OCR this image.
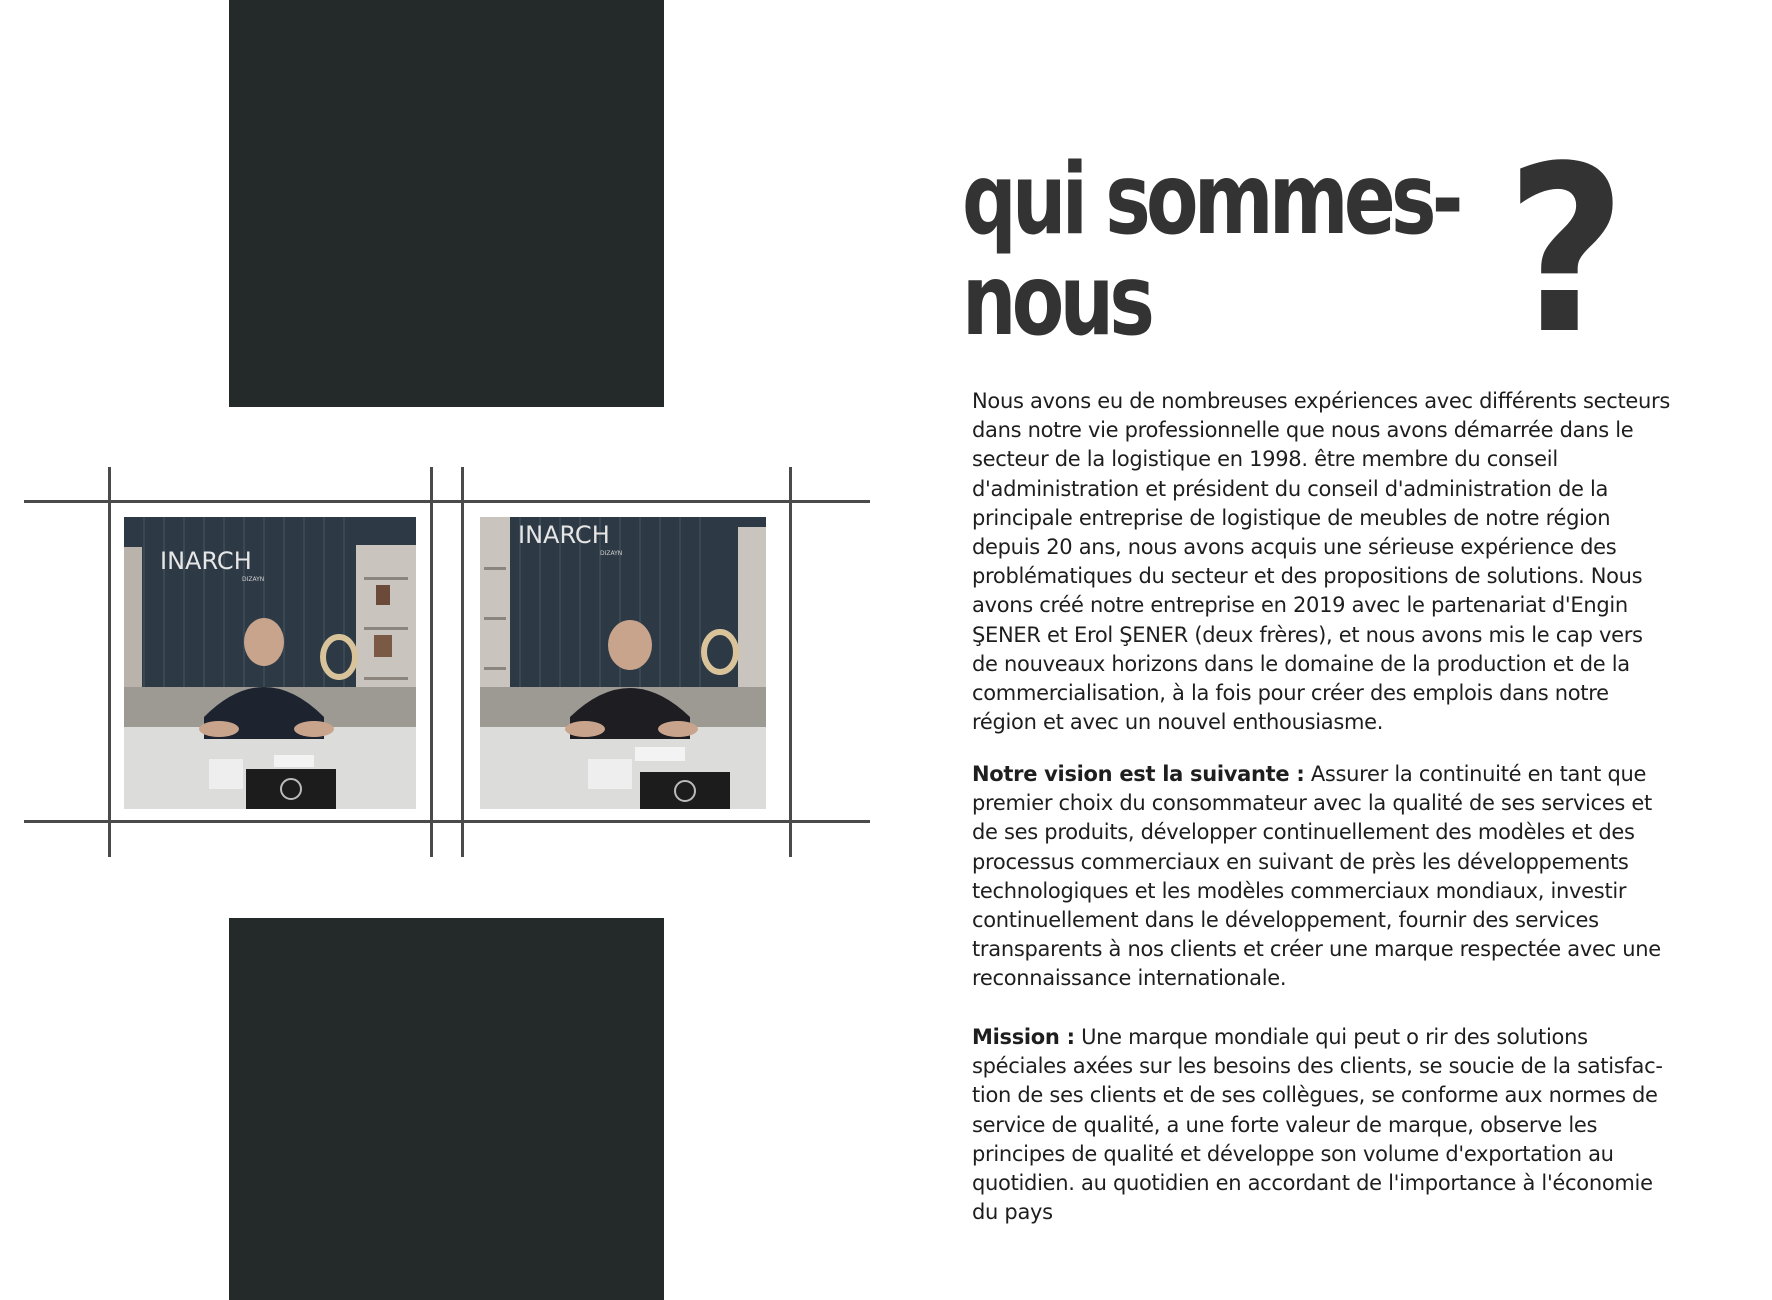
INARCH
DIZAYN
INARCH
DIZAYN
qui sommes-
nous	?

Nous avons eu de nombreuses expériences avec différents secteurs dans notre vie professionnelle que nous avons démarrée dans le secteur de la logistique en 1998. être membre du conseil d'administration et président du conseil d'administration de la principale entreprise de logistique de meubles de notre région depuis 20 ans, nous avons acquis une sérieuse expérience des problématiques du secteur et des propositions de solutions. Nous avons créé notre entreprise en 2019 avec le partenariat d'Engin ŞENER et Erol ŞENER (deux frères), et nous avons mis le cap vers de nouveaux horizons dans le domaine de la production et de la commercialisation, à la fois pour créer des emplois dans notre région et avec un nouvel enthousiasme.

Notre vision est la suivante : Assurer la continuité en tant que premier choix du consommateur avec la qualité de ses services et de ses produits, développer continuellement des modèles et des processus commerciaux en suivant de près les développements technologiques et les modèles commerciaux mondiaux, investir continuellement dans le développement, fournir des services transparents à nos clients et créer une marque respectée avec une reconnaissance internationale.

Mission : Une marque mondiale qui peut o rir des solutions spéciales axées sur les besoins des clients, se soucie de la satisfac-tion de ses clients et de ses collègues, se conforme aux normes de service de qualité, a une forte valeur de marque, observe les principes de qualité et développe son volume d'exportation au quotidien. au quotidien en accordant de l'importance à l'économie du pays
